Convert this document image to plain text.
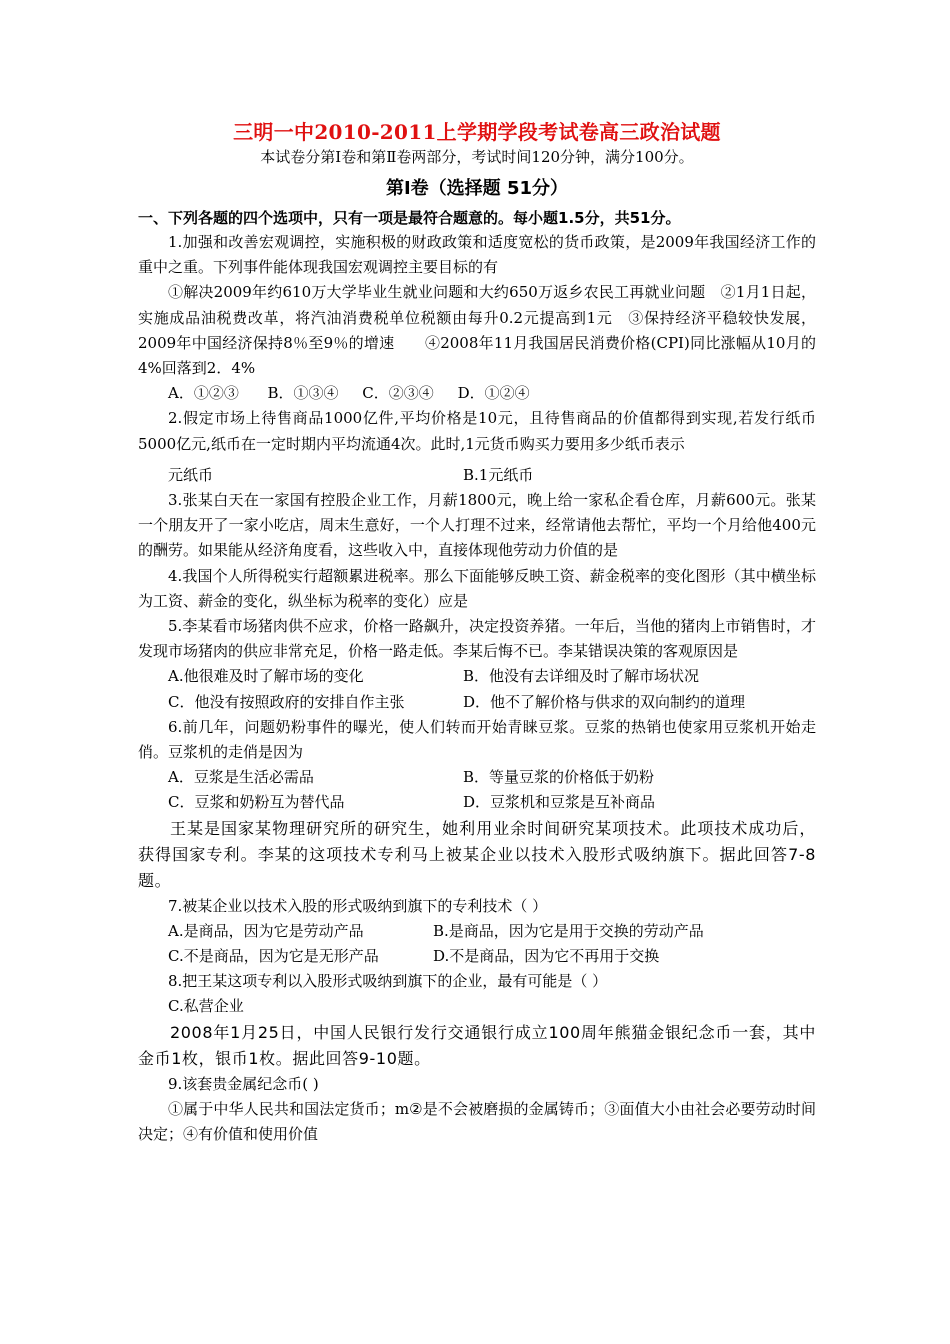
三明一中2010-2011上学期学段考试卷高三政治试题
本试卷分第Ⅰ卷和第Ⅱ卷两部分，考试时间120分钟，满分100分。
第Ⅰ卷（选择题 51分）
一、下列各题的四个选项中，只有一项是最符合题意的。每小题1.5分，共51分。

1.加强和改善宏观调控，实施积极的财政政策和适度宽松的货币政策，是2009年我国经济工作的重中之重。下列事件能体现我国宏观调控主要目标的有

①解决2009年约610万大学毕业生就业问题和大约650万返乡农民工再就业问题　②1月1日起，实施成品油税费改革，将汽油消费税单位税额由每升0.2元提高到1元　③保持经济平稳较快发展，2009年中国经济保持8％至9％的增速　　④2008年11月我国居民消费价格(CPI)同比涨幅从10月的4%回落到2．4%

A．①②③      B．①③④     C．②③④     D．①②④

2.假定市场上待售商品1000亿件,平均价格是10元，且待售商品的价值都得到实现,若发行纸币5000亿元,纸币在一定时期内平均流通4次。此时,1元货币购买力要用多少纸币表示

元纸币	B.1元纸币

3.张某白天在一家国有控股企业工作，月薪1800元，晚上给一家私企看仓库，月薪600元。张某一个朋友开了一家小吃店，周末生意好，一个人打理不过来，经常请他去帮忙，平均一个月给他400元的酬劳。如果能从经济角度看，这些收入中，直接体现他劳动力价值的是

4.我国个人所得税实行超额累进税率。那么下面能够反映工资、薪金税率的变化图形（其中横坐标为工资、薪金的变化，纵坐标为税率的变化）应是

5.李某看市场猪肉供不应求，价格一路飙升，决定投资养猪。一年后，当他的猪肉上市销售时，才发现市场猪肉的供应非常充足，价格一路走低。李某后悔不已。李某错误决策的客观原因是

A.他很难及时了解市场的变化	B．他没有去详细及时了解市场状况
C．他没有按照政府的安排自作主张	D．他不了解价格与供求的双向制约的道理

6.前几年，问题奶粉事件的曝光，使人们转而开始青睐豆浆。豆浆的热销也使家用豆浆机开始走俏。豆浆机的走俏是因为

A．豆浆是生活必需品	B．等量豆浆的价格低于奶粉
C．豆浆和奶粉互为替代品	D．豆浆机和豆浆是互补商品

王某是国家某物理研究所的研究生，她利用业余时间研究某项技术。此项技术成功后，获得国家专利。李某的这项技术专利马上被某企业以技术入股形式吸纳旗下。据此回答7-8题。

7.被某企业以技术入股的形式吸纳到旗下的专利技术（ ）

A.是商品，因为它是劳动产品	B.是商品，因为它是用于交换的劳动产品
C.不是商品，因为它是无形产品	D.不是商品，因为它不再用于交换

8.把王某这项专利以入股形式吸纳到旗下的企业，最有可能是（ ）

C.私营企业

2008年1月25日，中国人民银行发行交通银行成立100周年熊猫金银纪念币一套，其中金币1枚，银币1枚。据此回答9-10题。

9.该套贵金属纪念币( )

①属于中华人民共和国法定货币；m②是不会被磨损的金属铸币；③面值大小由社会必要劳动时间决定；④有价值和使用价值
